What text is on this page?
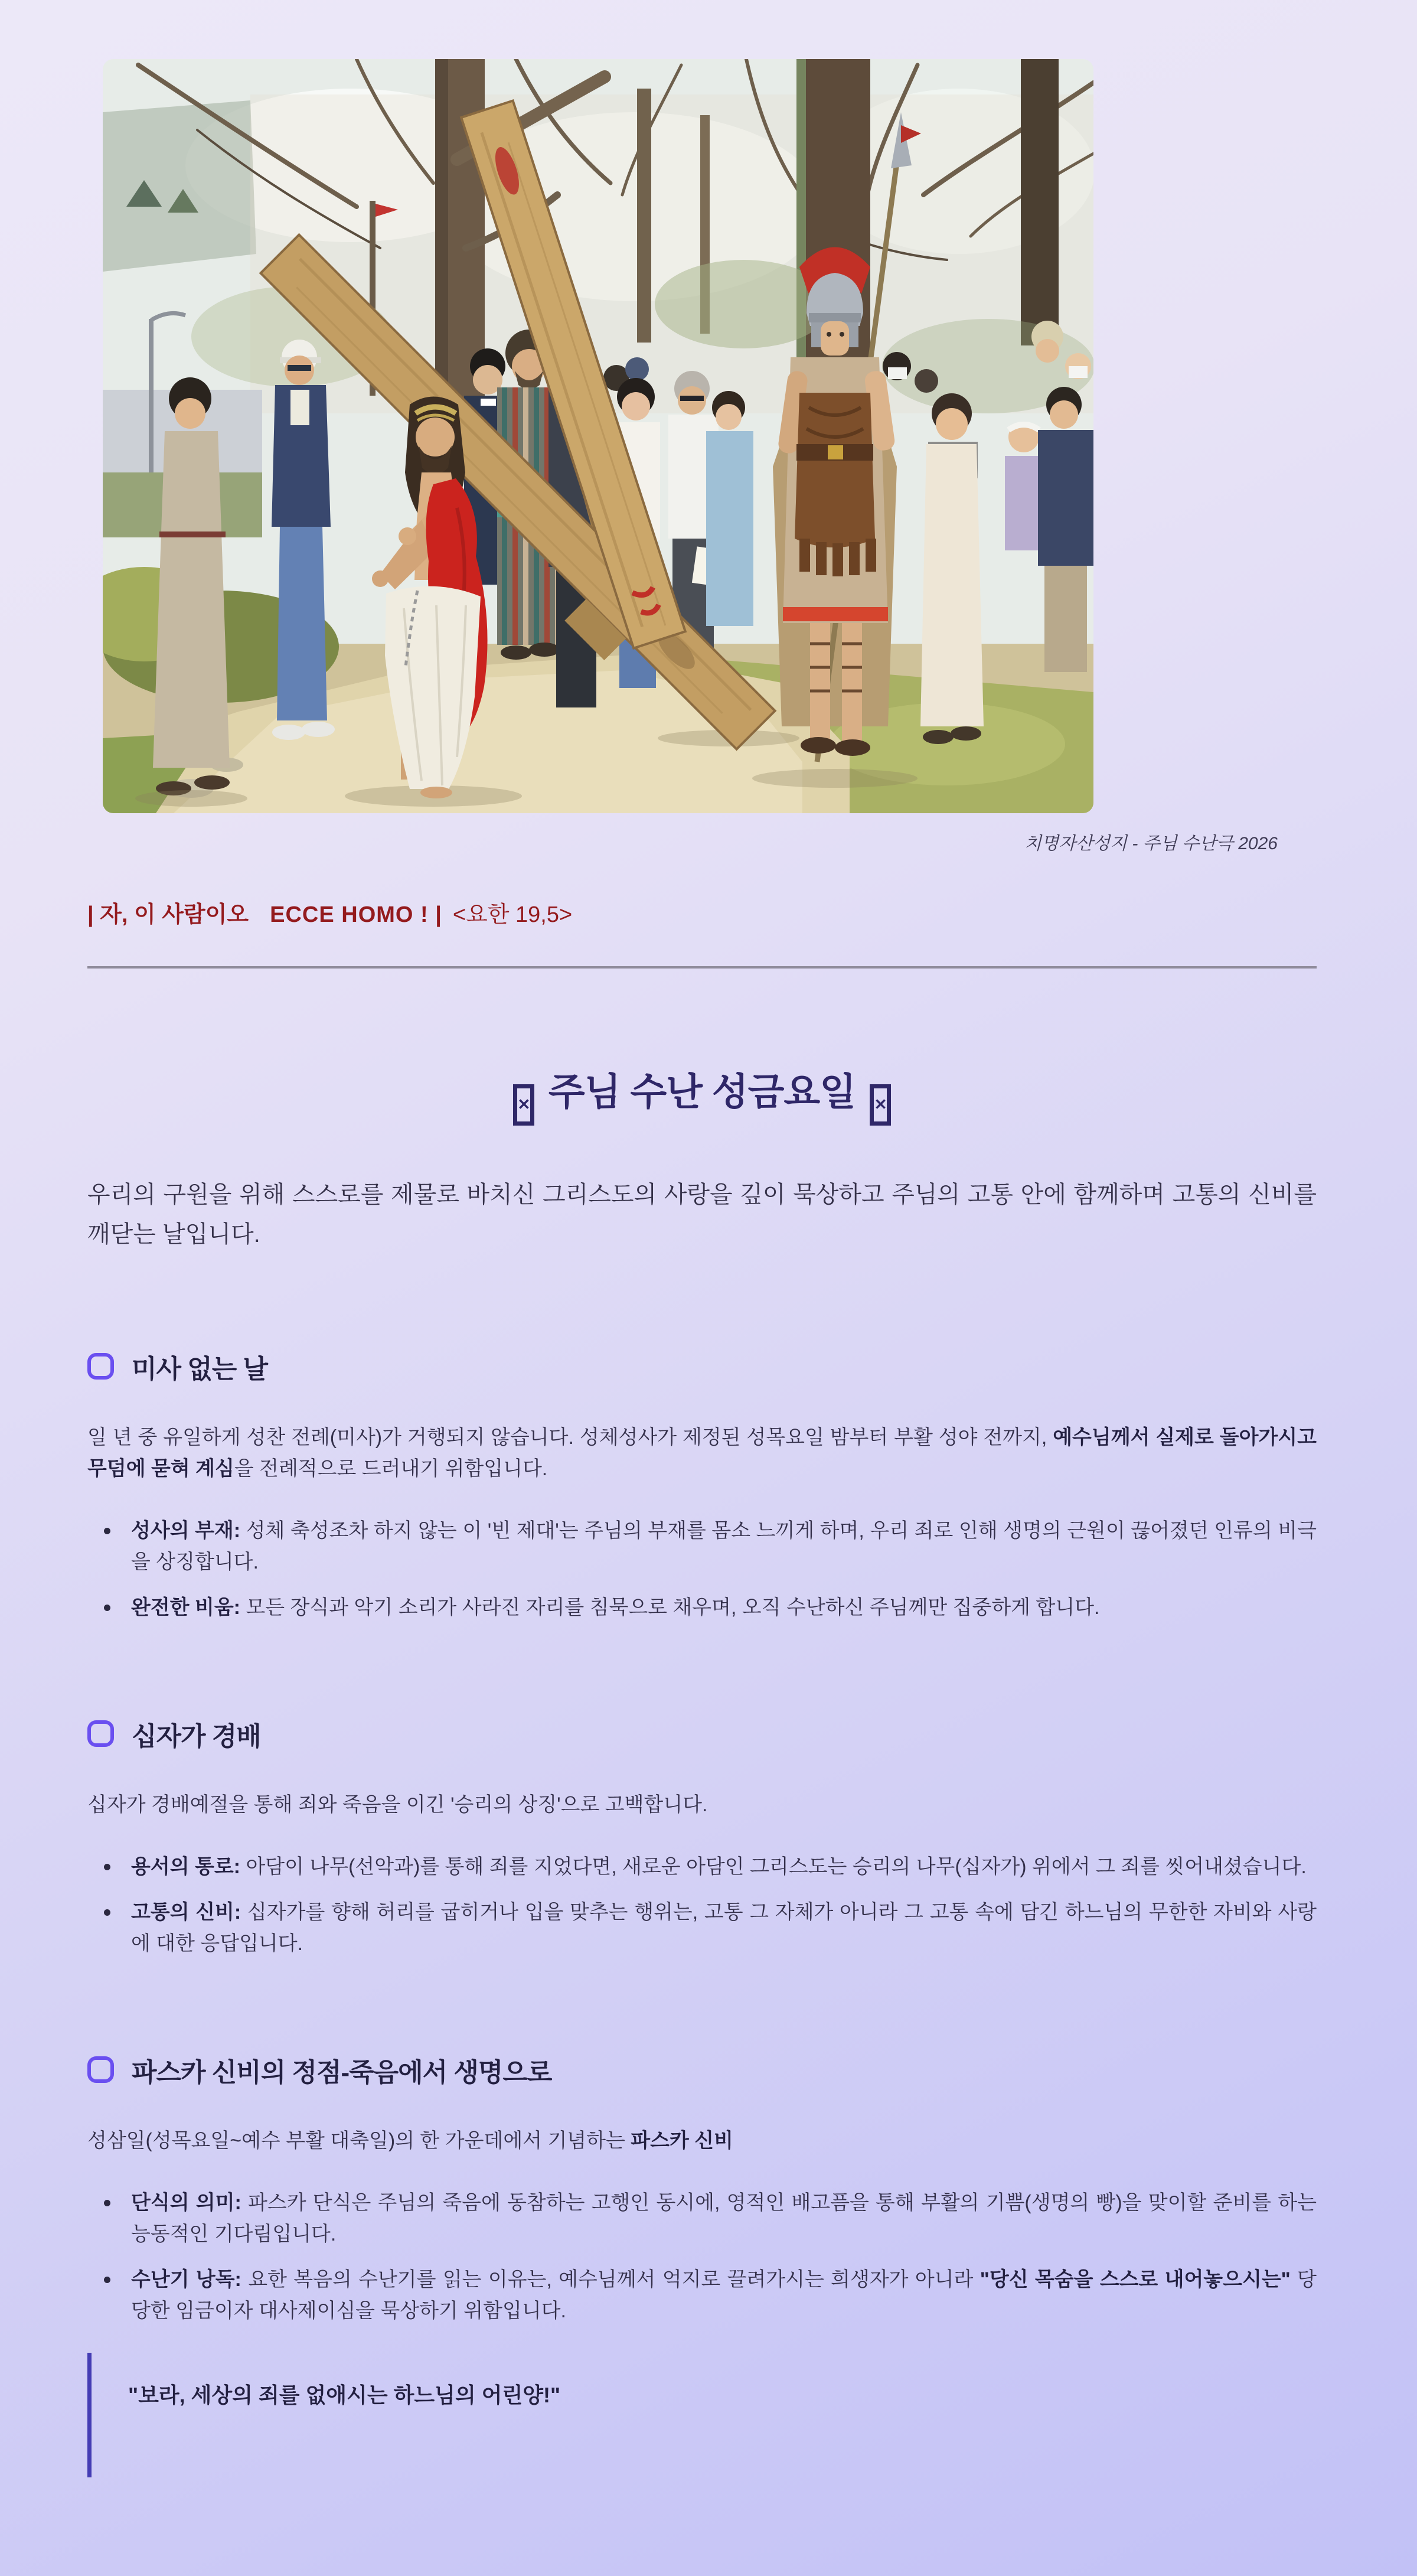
치명자산성지 - 주님 수난극 2026
| 자, 이 사람이오 ECCE HOMO ! | <요한 19,5>
✕ 주님 수난 성금요일 ✕

우리의 구원을 위해 스스로를 제물로 바치신 그리스도의 사랑을 깊이 묵상하고 주님의 고통 안에 함께하며 고통의 신비를 깨닫는 날입니다.

미사 없는 날

일 년 중 유일하게 성찬 전례(미사)가 거행되지 않습니다. 성체성사가 제정된 성목요일 밤부터 부활 성야 전까지, 예수님께서 실제로 돌아가시고 무덤에 묻혀 계심을 전례적으로 드러내기 위함입니다.

성사의 부재: 성체 축성조차 하지 않는 이 '빈 제대'는 주님의 부재를 몸소 느끼게 하며, 우리 죄로 인해 생명의 근원이 끊어졌던 인류의 비극을 상징합니다.
완전한 비움: 모든 장식과 악기 소리가 사라진 자리를 침묵으로 채우며, 오직 수난하신 주님께만 집중하게 합니다.
십자가 경배

십자가 경배예절을 통해 죄와 죽음을 이긴 '승리의 상징'으로 고백합니다.

용서의 통로: 아담이 나무(선악과)를 통해 죄를 지었다면, 새로운 아담인 그리스도는 승리의 나무(십자가) 위에서 그 죄를 씻어내셨습니다.
고통의 신비: 십자가를 향해 허리를 굽히거나 입을 맞추는 행위는, 고통 그 자체가 아니라 그 고통 속에 담긴 하느님의 무한한 자비와 사랑에 대한 응답입니다.
파스카 신비의 정점-죽음에서 생명으로

성삼일(성목요일~예수 부활 대축일)의 한 가운데에서 기념하는 파스카 신비

단식의 의미: 파스카 단식은 주님의 죽음에 동참하는 고행인 동시에, 영적인 배고픔을 통해 부활의 기쁨(생명의 빵)을 맞이할 준비를 하는 능동적인 기다림입니다.
수난기 낭독: 요한 복음의 수난기를 읽는 이유는, 예수님께서 억지로 끌려가시는 희생자가 아니라 "당신 목숨을 스스로 내어놓으시는" 당당한 임금이자 대사제이심을 묵상하기 위함입니다.
"보라, 세상의 죄를 없애시는 하느님의 어린양!"
